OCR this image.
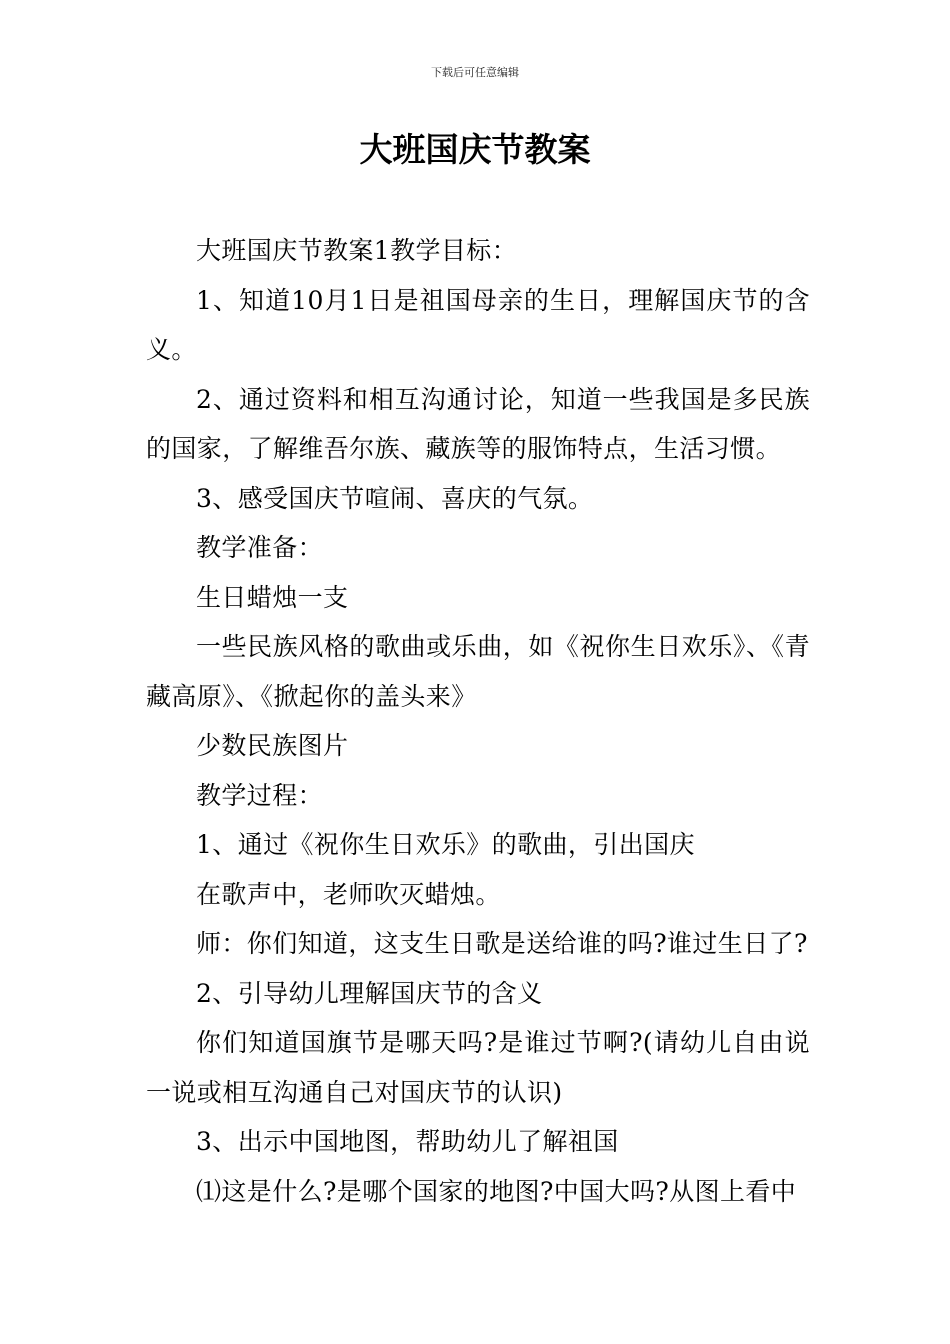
下载后可任意编辑
大班国庆节教案

大班国庆节教案1教学目标：

1、知道10月1日是祖国母亲的生日，理解国庆节的含义。

2、通过资料和相互沟通讨论，知道一些我国是多民族的国家，了解维吾尔族、藏族等的服饰特点，生活习惯。

3、感受国庆节喧闹、喜庆的气氛。

教学准备：

生日蜡烛一支

一些民族风格的歌曲或乐曲，如《祝你生日欢乐》、《青藏高原》、《掀起你的盖头来》

少数民族图片

教学过程：

1、通过《祝你生日欢乐》的歌曲，引出国庆

在歌声中，老师吹灭蜡烛。

师：你们知道，这支生日歌是送给谁的吗?谁过生日了?

2、引导幼儿理解国庆节的含义

你们知道国旗节是哪天吗?是谁过节啊?(请幼儿自由说一说或相互沟通自己对国庆节的认识)

3、出示中国地图，帮助幼儿了解祖国

⑴这是什么?是哪个国家的地图?中国大吗?从图上看中
